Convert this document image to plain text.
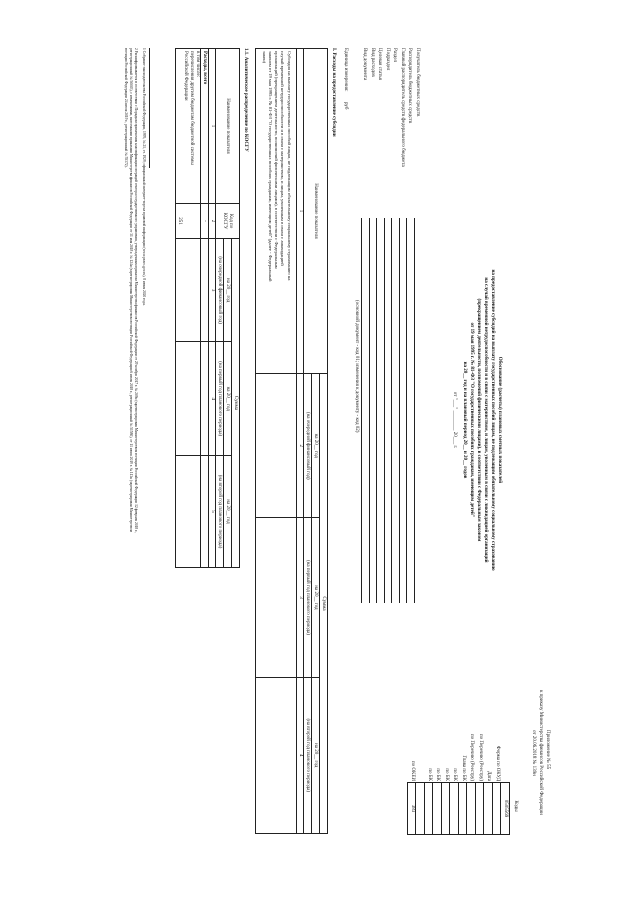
Приложение № 55
к приказу Министерства финансов Российской Федерации
от 20.06.2018 № 139н
Обоснование (расчеты) плановых сметных показателей
на предоставление субсидий на выплату государственных пособий лицам, не подлежащим обязательному социальному страхованию
на случай временной нетрудоспособности и в связи с материнством, и лицам, уволенным в связи с ликвидацией организаций
(прекращением деятельности, полномочий физическими лицами), в соответствии с Федеральным законом
от 19 мая 1995 г. № 81-ФЗ "О государственных пособиях гражданам, имеющим детей"
на 20__ год и на плановый период 20__ и 20__ годов
от "___" ________ 20___ г.
Коды
	0505569
Форма по ОКУД	
Дата	
по Перечню (Реестру)	
по Перечню (Реестру)	
Глава по БК	
по БК	
по БК	
по БК	
по БК	

по ОКЕИ	383
Получатель бюджетных средств
Распорядитель бюджетных средств
Главный распорядитель средств федерального бюджета
Раздел
Подраздел
Целевая статья
Вид расходов
Вид документа
(основной документ - код 01; изменения к документу - код 02)
Единица измерения:
руб
I. Расходы на предоставление субсидии
Наименование показателя	Сумма		
	на 20__ год	на 20__ год	на 20__ год
	(на очередной финансовый год)	(на первый год планового периода)	(на второй год планового периода)
1	2	3	4

Субсидия на выплату государственных пособий лицам, не подлежащим обязательному социальному страхованию на
случай временной нетрудоспособности и в связи с материнством, и лицам, уволенным в связи с ликвидацией
организаций (прекращением деятельности, полномочий физическими лицами), в соответствии с Федеральным
законом от 19 мая 1995 г. № 81-ФЗ "О государственных пособиях гражданам, имеющим детей" (далее - Федеральный
закон)			

1.1. Аналитическое распределение по КОСГУ
Наименование показателя	Код по КОСГУ	Сумма		
		на 20__ год	на 20__ год	на 20__ год
		(на очередной финансовый год)	(на первый год планового периода)	(на второй год планового периода)
1	2	3	4	5
Расходы, всего	-			

в том числе:
перечисления другим бюджетам бюджетной системы
Российской Федерации	251			
1 Собрание законодательства Российской Федерации, 1995, № 21, ст. 1929; официальный интернет-портал правовой информации (www.pravo.gov.ru), 8 июня 2020 года.
2 Расшифровывается в соответствии с Порядком применения классификации операций сектора государственного управления, утвержденным приказом Министерства финансов Российской Федерации от 29 ноября 2017 г. № 209н (зарегистрирован Министерством юстиции Российской Федерации 12 февраля 2018 г.,
регистрационный № 50003), с изменениями, внесенными приказами Министерства финансов Российской Федерации от 31 мая 2018 г. № 124н (зарегистрирован Министерством юстиции Российской Федерации 6 июля 2018 г., регистрационный № 51580), от 11 июля 2019 г. № 113н (зарегистрирован Министерством
юстиции Российской Федерации 24 июля 2019 г., регистрационный № 55372).
